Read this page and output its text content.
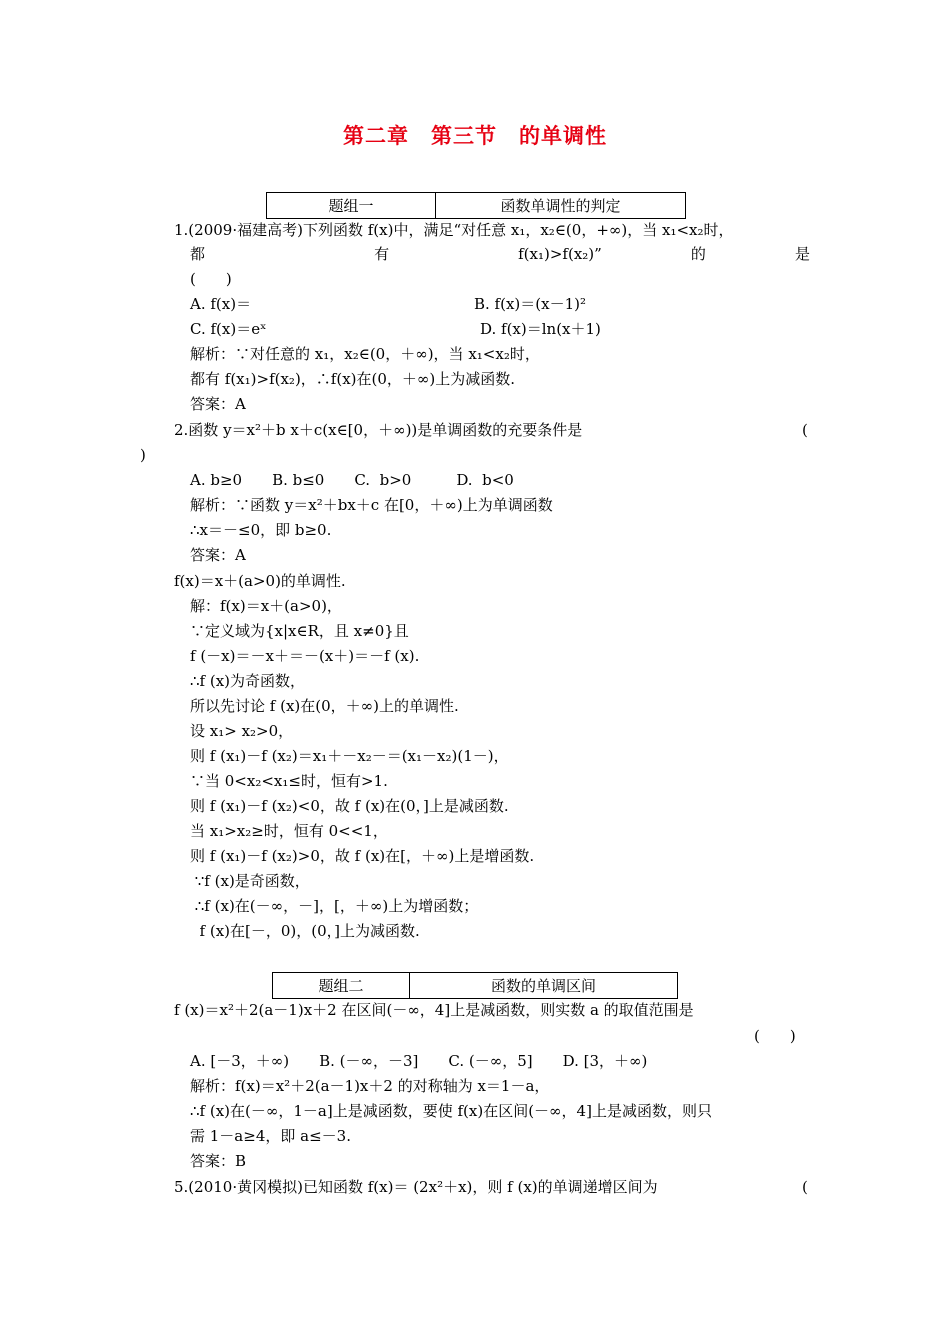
第二章　第三节　的单调性
题组一	函数单调性的判定
1.(2009·福建高考)下列函数 f(x)中，满足“对任意 x₁，x₂∈(0，+∞)，当 x₁<x₂时，
都	有	f(x₁)>f(x₂)”	的	是
(　　)
A. f(x)＝	B. f(x)＝(x－1)²
C. f(x)＝eˣ	D. f(x)＝ln(x＋1)
解析：∵对任意的 x₁，x₂∈(0，＋∞)，当 x₁<x₂时，
都有 f(x₁)>f(x₂)，∴f(x)在(0，＋∞)上为减函数.
答案：A
2.函数 y＝x²＋b x＋c(x∈[0，＋∞))是单调函数的充要条件是	(
)
A. b≥0　　B. b≤0　　C.  b>0　　　D.  b<0
解析：∵函数 y＝x²＋bx＋c 在[0，＋∞)上为单调函数
∴x＝－≤0，即 b≥0.
答案：A
f(x)＝x＋(a>0)的单调性.
解：f(x)＝x＋(a>0)，
∵定义域为{x|x∈R，且 x≠0}且
f (－x)＝－x＋＝－(x＋)＝－f (x).
∴f (x)为奇函数，
所以先讨论 f (x)在(0，＋∞)上的单调性.
设 x₁> x₂>0，
则 f (x₁)－f (x₂)＝x₁＋－x₂－＝(x₁－x₂)(1－)，
∵当 0<x₂<x₁≤时，恒有>1.
则 f (x₁)－f (x₂)<0，故 f (x)在(0，]上是减函数.
当 x₁>x₂≥时，恒有 0<<1，
则 f (x₁)－f (x₂)>0，故 f (x)在[，＋∞)上是增函数.
∵f (x)是奇函数，
∴f (x)在(－∞，－]，[，＋∞)上为增函数；
f (x)在[－，0)，(0，]上为减函数.
题组二	函数的单调区间
f (x)＝x²＋2(a－1)x＋2 在区间(－∞，4]上是减函数，则实数 a 的取值范围是
(　　)
A. [－3，＋∞)　　B. (－∞，－3]　　C. (－∞，5]　　D. [3，＋∞)
解析：f(x)＝x²＋2(a－1)x＋2 的对称轴为 x＝1－a，
∴f (x)在(－∞，1－a]上是减函数，要使 f(x)在区间(－∞，4]上是减函数，则只
需 1－a≥4，即 a≤－3.
答案：B
5.(2010·黄冈模拟)已知函数 f(x)＝ (2x²＋x)，则 f (x)的单调递增区间为	(
